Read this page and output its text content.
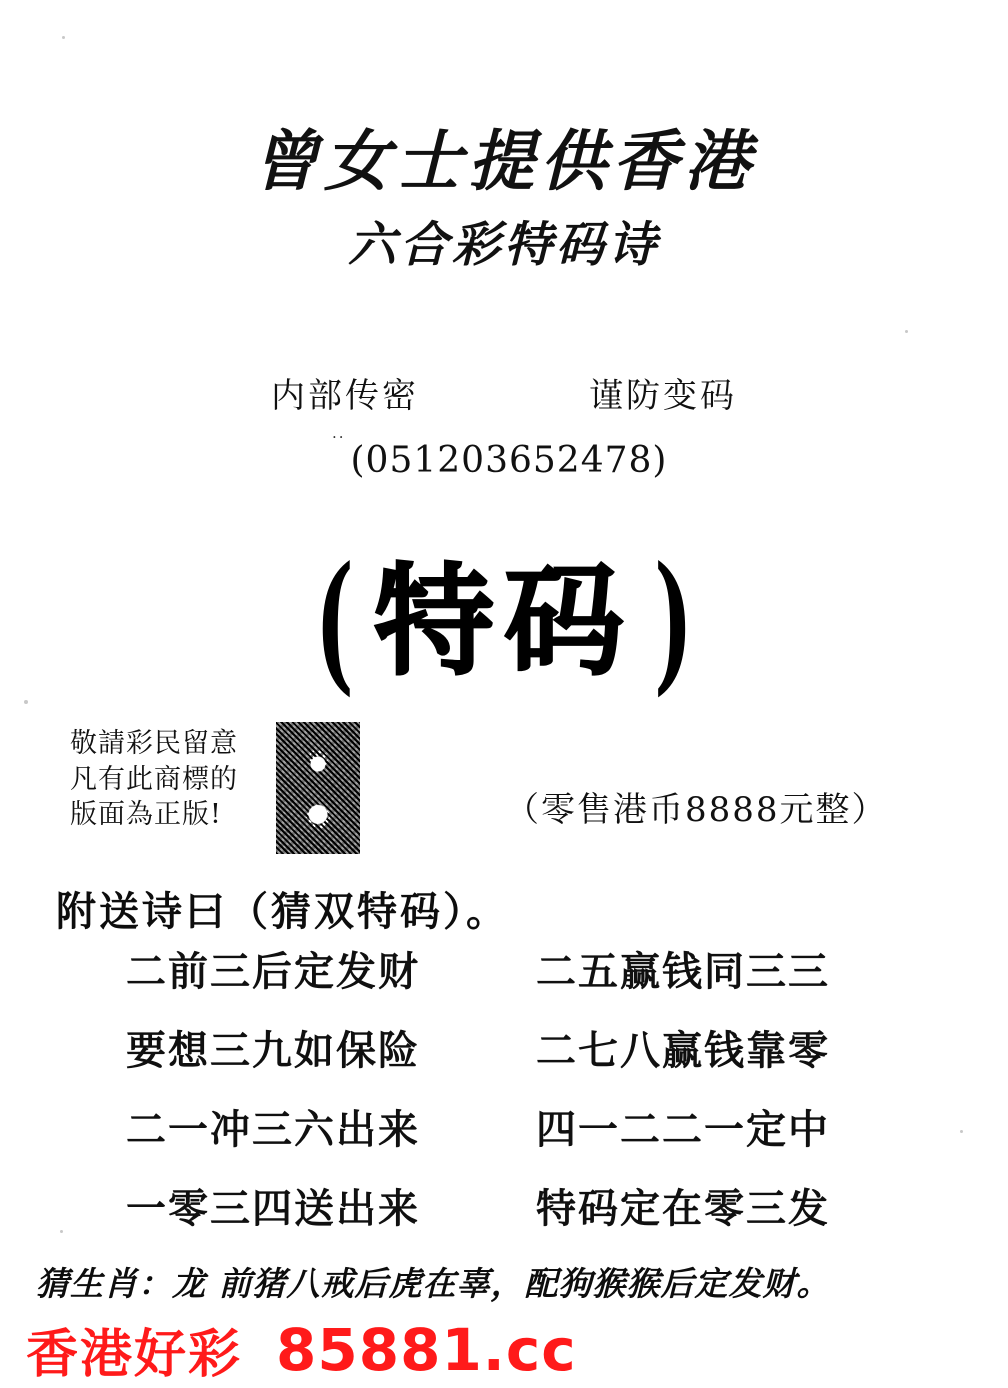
曾女士提供香港
六合彩特码诗
内部传密	谨防变码
..
(051203652478)
( 特码 )
敬請彩民留意
凡有此商標的
版面為正版!	（零售港币8888元整）
附送诗曰（猜双特码）。
二前三后定发财	二五赢钱同三三
要想三九如保险	二七八赢钱靠零
二一冲三六出来	四一二二一定中
一零三四送出来	特码定在零三发
猜生肖：龙 前猪八戒后虎在辜，配狗猴猴后定发财。
香港好彩 85881.cc
